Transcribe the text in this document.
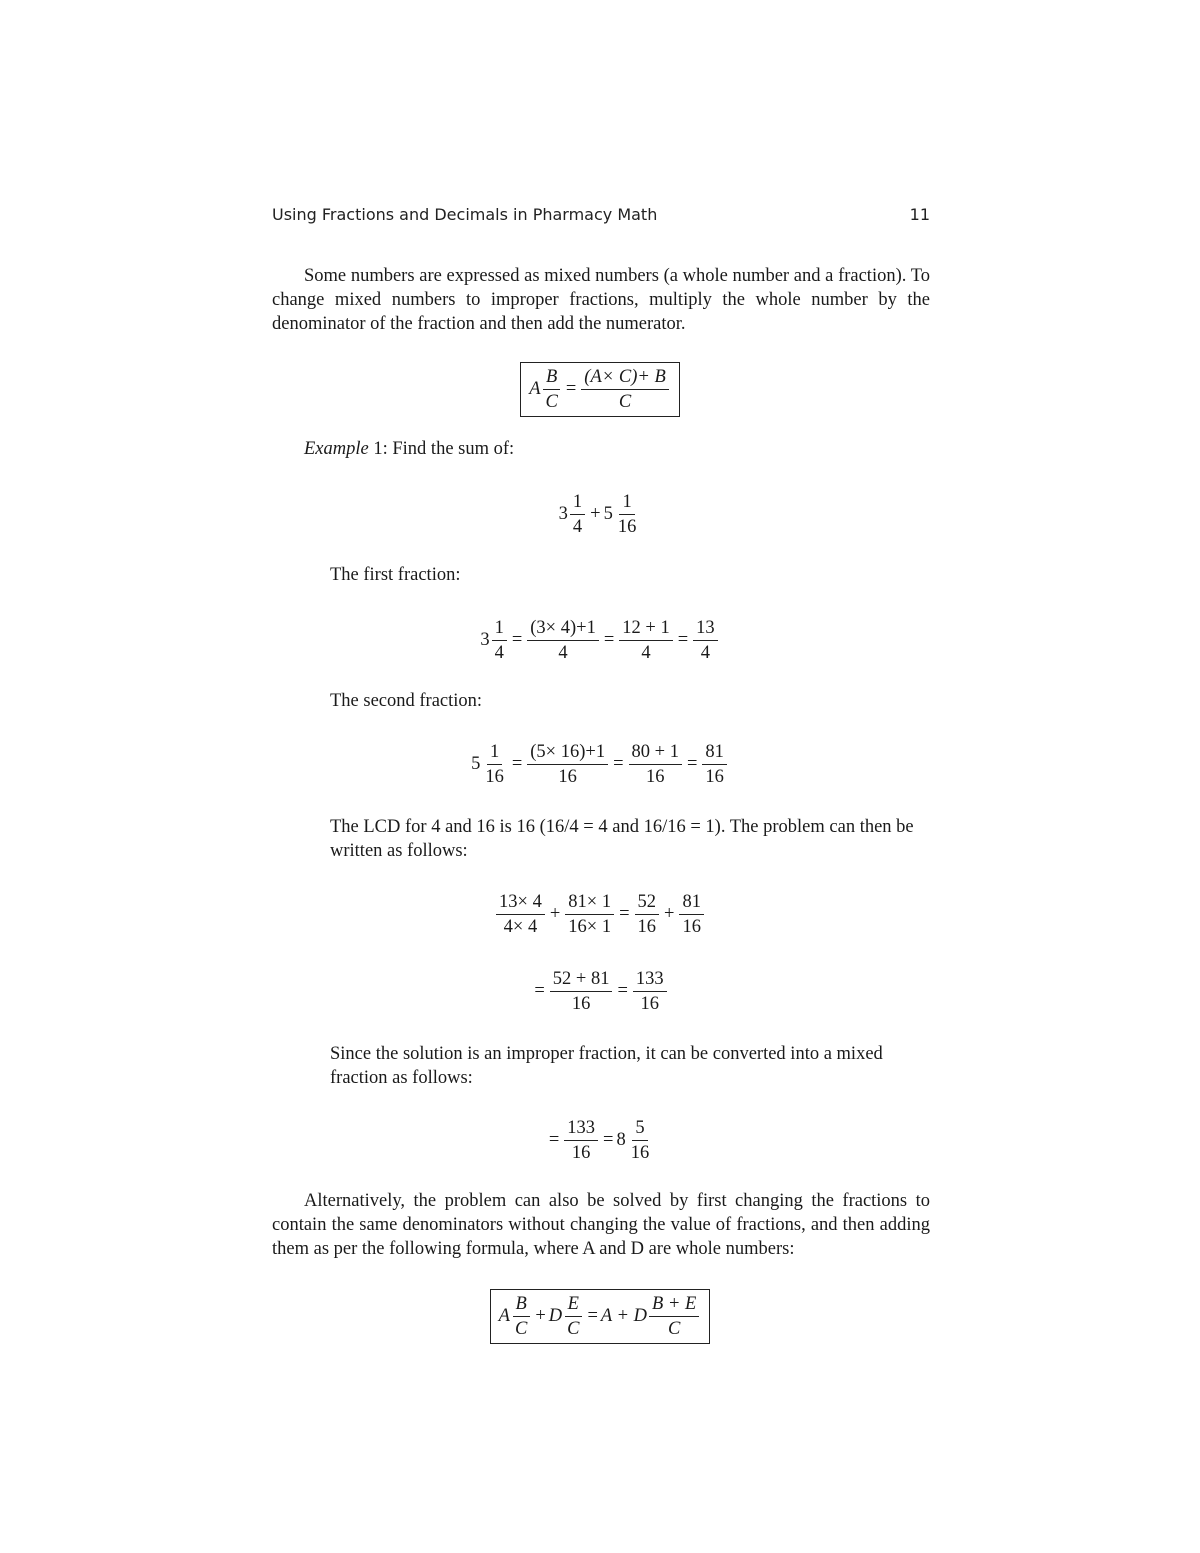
Using Fractions and Decimals in Pharmacy Math	11
Some numbers are expressed as mixed numbers (a whole number and a fraction). To change mixed numbers to improper fractions, multiply the whole number by the denominator of the fraction and then add the numerator.
A $\frac{B}{C} = \frac{(A\times C)+ B}{C}$
Example 1: Find the sum of:
$3 \frac{1}{4} + 5 \frac{1}{16}$
The first fraction:
$3 \frac{1}{4} = \frac{(3\times 4)+1}{4} = \frac{12 + 1}{4} = \frac{13}{4}$
The second fraction:
$5 \frac{1}{16} = \frac{(5\times 16)+1}{16} = \frac{80 + 1}{16} = \frac{81}{16}$
The LCD for 4 and 16 is 16 (16/4 = 4 and 16/16 = 1). The problem can then be written as follows:
$\frac{13\times 4}{4\times 4} + \frac{81\times 1}{16\times 1} = \frac{52}{16} + \frac{81}{16}$
= $\frac{52 + 81}{16} = \frac{133}{16}$
Since the solution is an improper fraction, it can be converted into a mixed fraction as follows:
= $\frac{133}{16} = 8 \frac{5}{16}$
Alternatively, the problem can also be solved by first changing the fractions to contain the same denominators without changing the value of fractions, and then adding them as per the following formula, where A and D are whole numbers:
A $\frac{B}{C} + D \frac{E}{C} = A + D \frac{B + E}{C}$
